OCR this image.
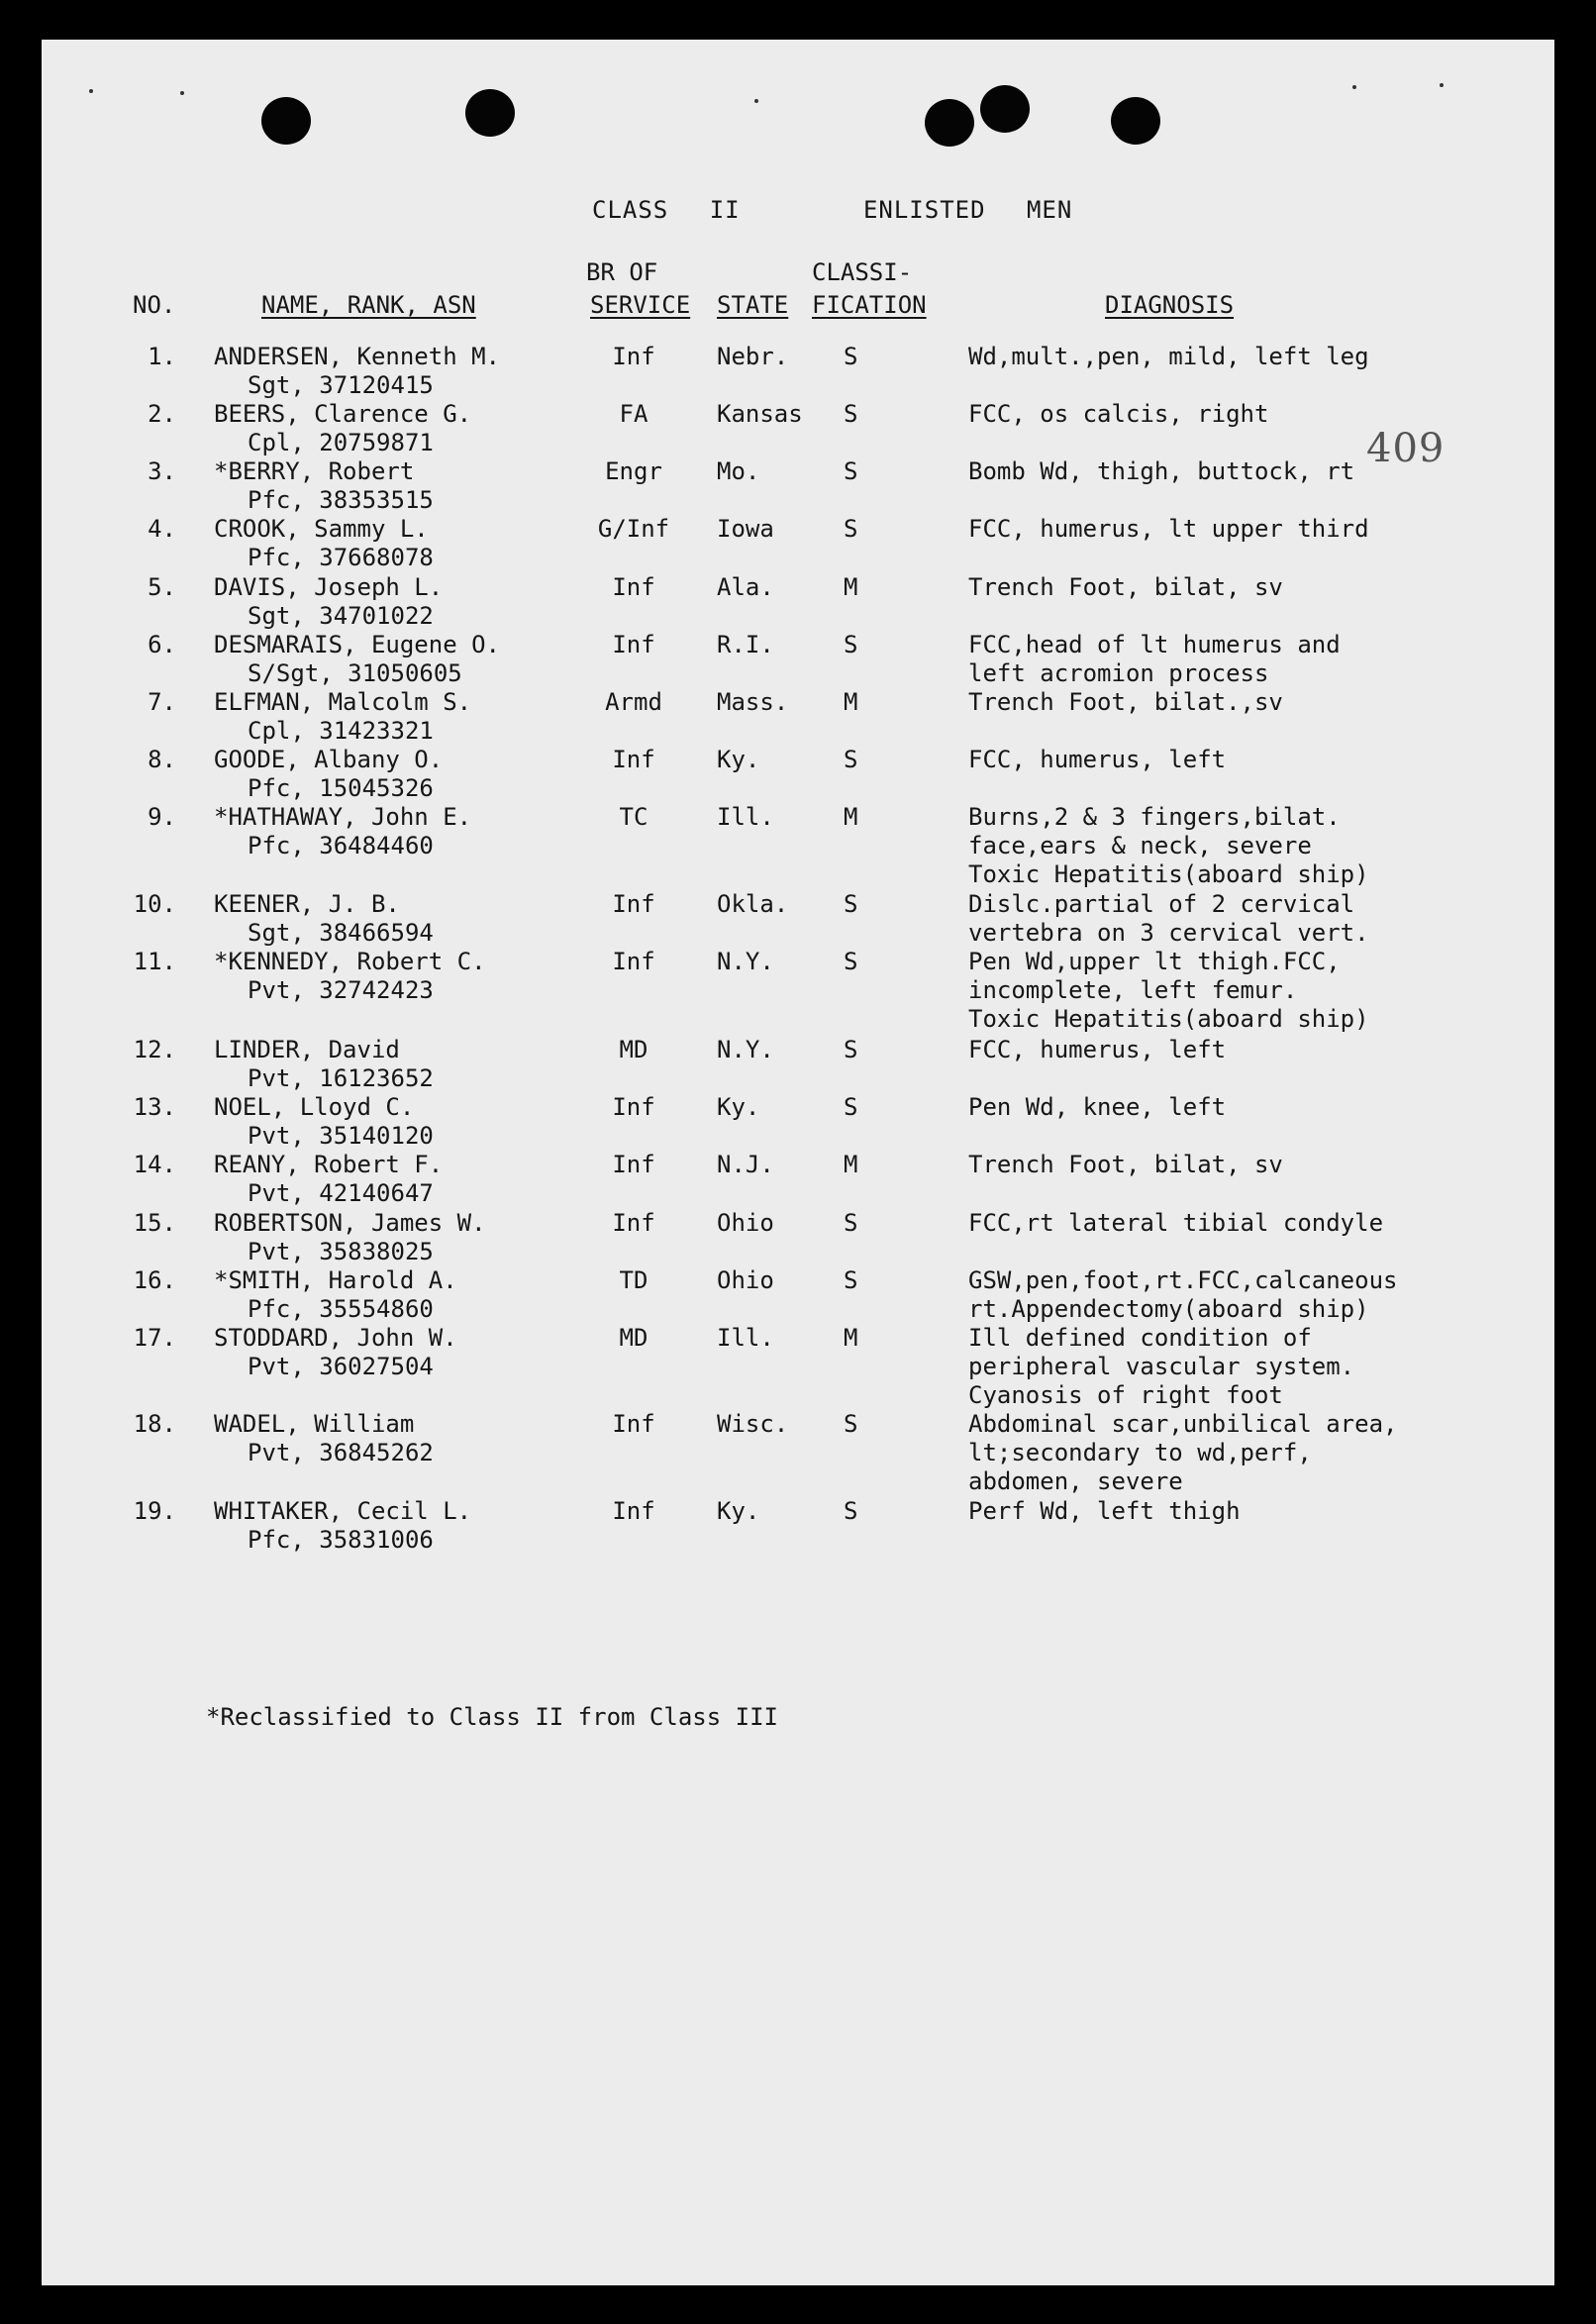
409
CLASS II   ENLISTED MEN
NO.	NAME, RANK, ASN
BR OF
SERVICE STATE
CLASSI-
FICATION	DIAGNOSIS
1. ANDERSEN, Kenneth M.
Sgt, 37120415
Inf	Nebr. S	Wd,mult.,pen, mild, left leg
2. BEERS, Clarence G.
Cpl, 20759871
FA	Kansas S	FCC, os calcis, right
3. *BERRY, Robert
Pfc, 38353515
Engr	Mo.	S	Bomb Wd, thigh, buttock, rt
4. CROOK, Sammy L.
Pfc, 37668078
G/Inf	Iowa	S	FCC, humerus, lt upper third
5. DAVIS, Joseph L.
Sgt, 34701022
Inf	Ala.	M	Trench Foot, bilat, sv
6. DESMARAIS, Eugene O.
S/Sgt, 31050605
Inf	R.I.	S	FCC,head of lt humerus and
left acromion process
7. ELFMAN, Malcolm S.
Cpl, 31423321
Armd	Mass. M	Trench Foot, bilat.,sv
8. GOODE, Albany O.
Pfc, 15045326
Inf	Ky.	S	FCC, humerus, left
9. *HATHAWAY, John E.
Pfc, 36484460
TC	Ill.	M	Burns,2 & 3 fingers,bilat.
face,ears & neck, severe
Toxic Hepatitis(aboard ship)
10. KEENER, J. B.
Sgt, 38466594
Inf	Okla. S	Dislc.partial of 2 cervical
vertebra on 3 cervical vert.
11. *KENNEDY, Robert C.
Pvt, 32742423
Inf	N.Y.	S	Pen Wd,upper lt thigh.FCC,
incomplete, left femur.
Toxic Hepatitis(aboard ship)
12. LINDER, David
Pvt, 16123652
MD	N.Y.	S	FCC, humerus, left
13. NOEL, Lloyd C.
Pvt, 35140120
Inf	Ky.	S	Pen Wd, knee, left
14. REANY, Robert F.
Pvt, 42140647
Inf	N.J.	M	Trench Foot, bilat, sv
15. ROBERTSON, James W.
Pvt, 35838025
Inf	Ohio	S	FCC,rt lateral tibial condyle
16. *SMITH, Harold A.
Pfc, 35554860
TD	Ohio	S	GSW,pen,foot,rt.FCC,calcaneous
rt.Appendectomy(aboard ship)
17. STODDARD, John W.
Pvt, 36027504
MD	Ill.	M	Ill defined condition of
peripheral vascular system.
Cyanosis of right foot
18. WADEL, William
Pvt, 36845262
Inf	Wisc. S	Abdominal scar,unbilical area,
lt;secondary to wd,perf,
abdomen, severe
19. WHITAKER, Cecil L.
Pfc, 35831006
Inf	Ky.	S	Perf Wd, left thigh
*Reclassified to Class II from Class III
